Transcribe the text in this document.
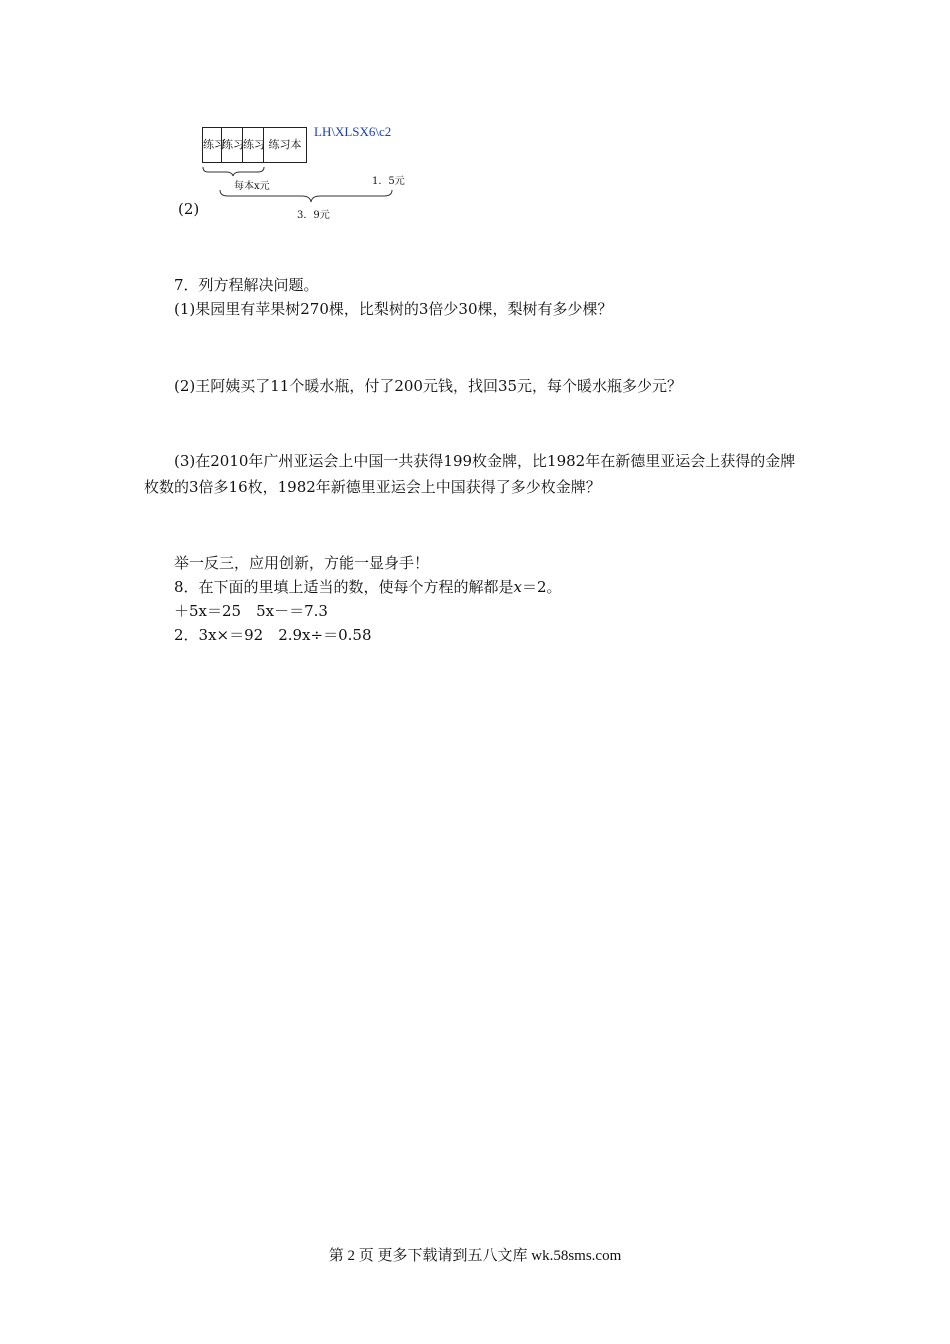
练习
练习 练习 练习本
LH\XLSX6\c2
每本x元	1．5元
3．9元
(2)
7．列方程解决问题。
(1)果园里有苹果树270棵，比梨树的3倍少30棵，梨树有多少棵？
(2)王阿姨买了11个暖水瓶，付了200元钱，找回35元，每个暖水瓶多少元？
(3)在2010年广州亚运会上中国一共获得199枚金牌，比1982年在新德里亚运会上获得的金牌枚数的3倍多16枚，1982年新德里亚运会上中国获得了多少枚金牌？
举一反三，应用创新，方能一显身手！
8．在下面的里填上适当的数，使每个方程的解都是x＝2。
＋5x＝25　5x－＝7.3
2．3x×＝92　2.9x÷＝0.58
第 2 页 更多下载请到五八文库 wk.58sms.com
